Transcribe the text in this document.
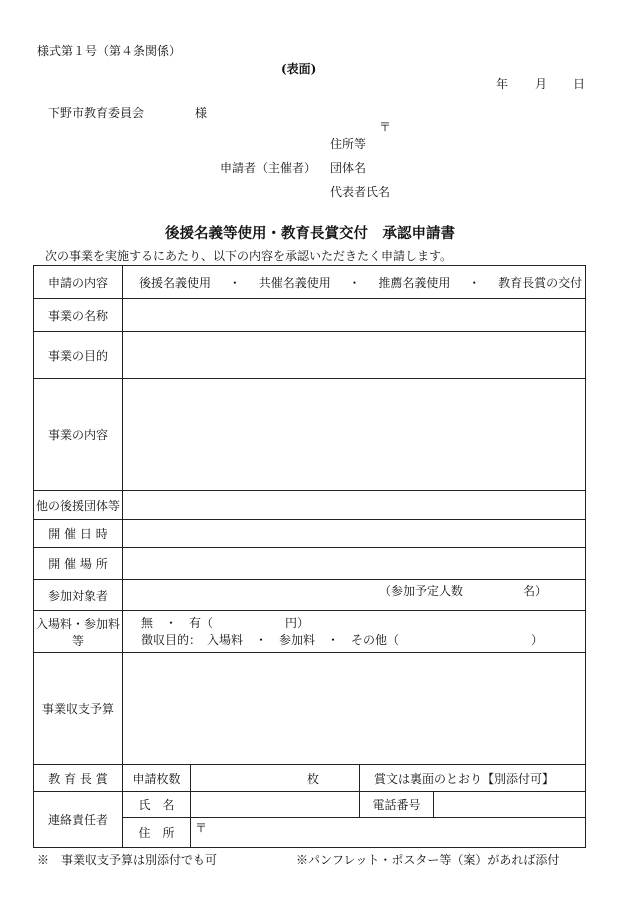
様式第１号（第４条関係）
(表面)
年 月 日
下野市教育委員会	様
〒
住所等
申請者（主催者） 団体名
代表者氏名
後援名義等使用・教育長賞交付　承認申請書
次の事業を実施するにあたり、以下の内容を承認いただきたく申請します。
申請の内容	後援名義使用 ・ 共催名義使用 ・ 推薦名義使用 ・ 教育長賞の交付			
事業の名称				
事業の目的				
事業の内容				
他の後援団体等				
開 催 日 時				
開 催 場 所				
参加対象者	（参加予定人数　　　　　名）			

入場料・参加料等	無　・　有（　　　　　　円）
徴収目的：　入場料　・　参加料　・　その他（　　　　　　　　　　　）			

事業収支予算				
教 育 長 賞	申請枚数	枚	賞文は裏面のとおり【別添付可】	
連絡責任者	氏　名		電話番号	
	住　所	〒		
※　事業収支予算は別添付でも可	※パンフレット・ポスター等（案）があれば添付
